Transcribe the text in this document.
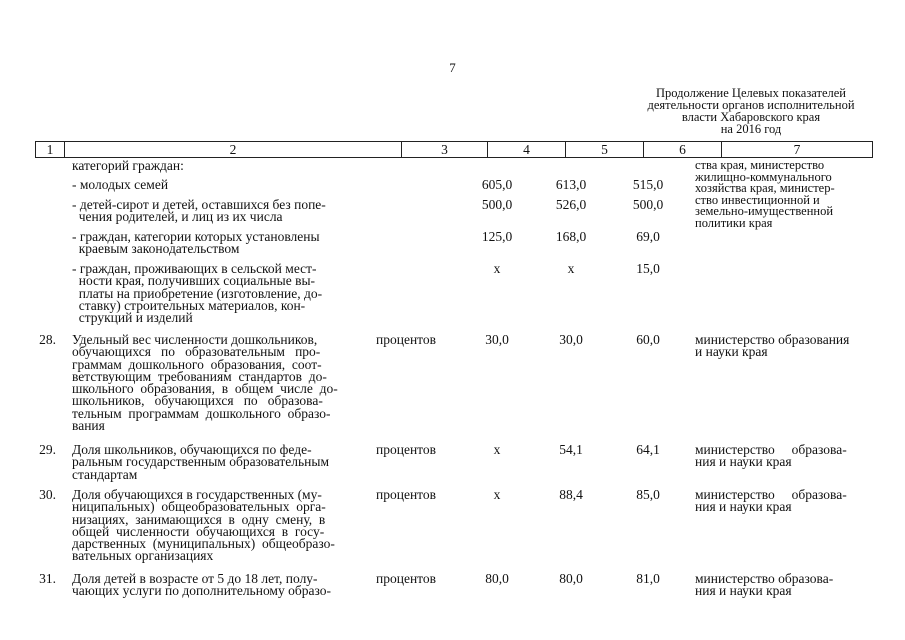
7
Продолжение Целевых показателей
деятельности органов исполнительной
власти Хабаровского края
на 2016 год
1	2	3	4	5	6	7
категорий граждан:	ства края, министерство
жилищно-коммунального
хозяйства края, министер-
ство инвестиционной и
земельно-имущественной
политики края
- молодых семей	605,0	613,0	515,0
- детей-сирот и детей, оставшихся без попе-
чения родителей, и лиц из их числа
500,0	526,0	500,0
- граждан, категории которых установлены
краевым законодательством
125,0	168,0	69,0
- граждан, проживающих в сельской мест-
ности края, получивших социальные вы-
платы на приобретение (изготовление, до-
ставку) строительных материалов, кон-
струкций и изделий
x	x	15,0
28. Удельный вес численности дошкольников,
обучающихся   по   образовательным   про-
граммам  дошкольного  образования,  соот-
ветствующим  требованиям  стандартов  до-
школьного  образования,  в  общем  числе  до-
школьников,   обучающихся   по   образова-
тельным  программам  дошкольного  образо-
вания
процентов	30,0	30,0	60,0	министерство образования
и науки края
29. Доля школьников, обучающихся по феде-
ральным государственным образовательным
стандартам
процентов	x	54,1	64,1	министерство     образова-
ния и науки края
30. Доля обучающихся в государственных (му-
ниципальных)  общеобразовательных  орга-
низациях,  занимающихся  в  одну  смену,  в
общей  численности  обучающихся  в  госу-
дарственных  (муниципальных)  общеобразо-
вательных организациях
процентов	x	88,4	85,0	министерство     образова-
ния и науки края
31. Доля детей в возрасте от 5 до 18 лет, полу-
чающих услуги по дополнительному образо-
процентов	80,0	80,0	81,0	министерство образова-
ния и науки края
